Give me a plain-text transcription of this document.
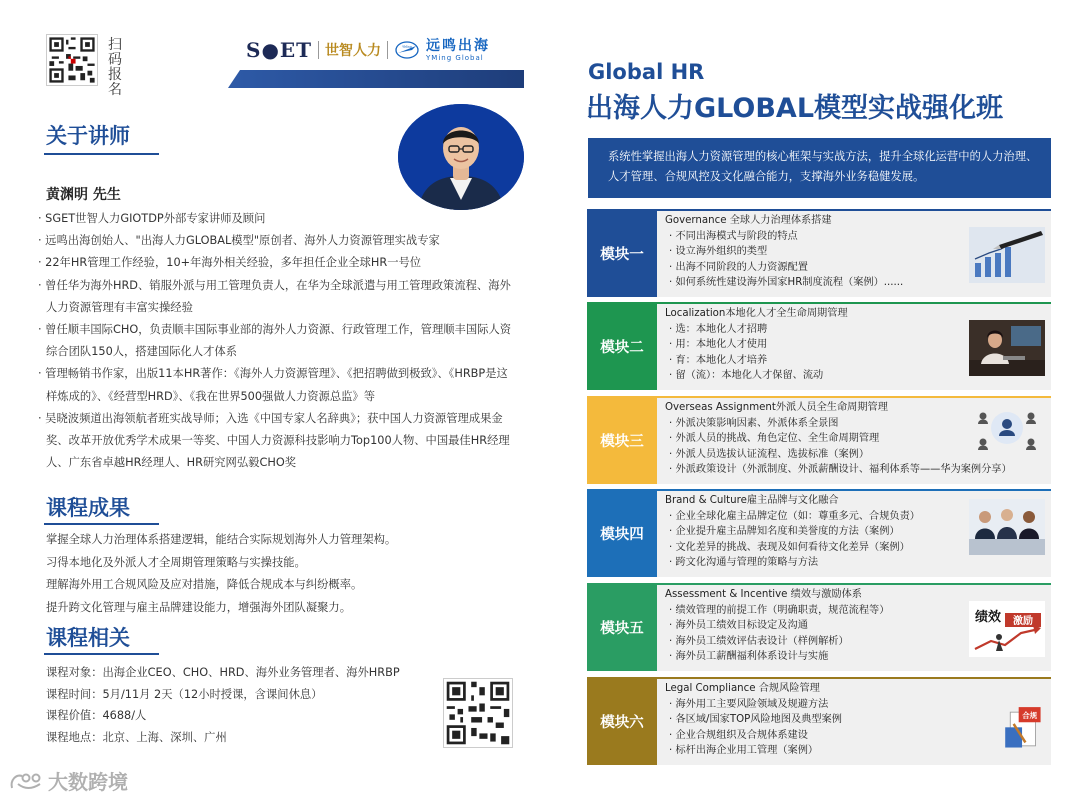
扫码报名
S●ET 世智人力	YMing 远鸣出海
YMing Global
关于讲师
黄渊明 先生
· SGET世智人力GIOTDP外部专家讲师及顾问
· 远鸣出海创始人、"出海人力GLOBAL模型"原创者、海外人力资源管理实战专家
· 22年HR管理工作经验，10+年海外相关经验，多年担任企业全球HR一号位
· 曾任华为海外HRD、销服外派与用工管理负责人，在华为全球派遣与用工管理政策流程、海外人力资源管理有丰富实操经验
· 曾任顺丰国际CHO，负责顺丰国际事业部的海外人力资源、行政管理工作，管理顺丰国际人资综合团队150人，搭建国际化人才体系
· 管理畅销书作家，出版11本HR著作：《海外人力资源管理》、《把招聘做到极致》、《HRBP是这样炼成的》、《经营型HRD》、《我在世界500强做人力资源总监》等
· 吴晓波频道出海领航者班实战导师；入选《中国专家人名辞典》；获中国人力资源管理成果金奖、改革开放优秀学术成果一等奖、中国人力资源科技影响力Top100人物、中国最佳HR经理人、广东省卓越HR经理人、HR研究网弘毅CHO奖
课程成果
掌握全球人力治理体系搭建逻辑，能结合实际规划海外人力管理架构。
习得本地化及外派人才全周期管理策略与实操技能。
理解海外用工合规风险及应对措施，降低合规成本与纠纷概率。
提升跨文化管理与雇主品牌建设能力，增强海外团队凝聚力。
课程相关
课程对象：出海企业CEO、CHO、HRD、海外业务管理者、海外HRBP
课程时间：5月/11月 2天（12小时授课，含课间休息）
课程价值：4688/人
课程地点：北京、上海、深圳、广州
大数跨境
Global HR
出海人力GLOBAL模型实战强化班
系统性掌握出海人力资源管理的核心框架与实战方法，提升全球化运营中的人力治理、人才管理、合规风控及文化融合能力，支撑海外业务稳健发展。
模块一
Governance 全球人力治理体系搭建
· 不同出海模式与阶段的特点
· 设立海外组织的类型
· 出海不同阶段的人力资源配置
· 如何系统性建设海外国家HR制度流程（案例）......
模块二
Localization本地化人才全生命周期管理
· 选：本地化人才招聘
· 用：本地化人才使用
· 育：本地化人才培养
· 留（流）：本地化人才保留、流动
模块三
Overseas Assignment外派人员全生命周期管理
· 外派决策影响因素、外派体系全景图
· 外派人员的挑战、角色定位、全生命周期管理
· 外派人员选拔认证流程、选拔标准（案例）
· 外派政策设计（外派制度、外派薪酬设计、福利体系等——华为案例分享）
模块四
Brand & Culture雇主品牌与文化融合
· 企业全球化雇主品牌定位（如：尊重多元、合规负责）
· 企业提升雇主品牌知名度和美誉度的方法（案例）
· 文化差异的挑战、表现及如何看待文化差异（案例）
· 跨文化沟通与管理的策略与方法
模块五
Assessment & Incentive 绩效与激励体系
· 绩效管理的前提工作（明确职责，规范流程等）
· 海外员工绩效目标设定及沟通
· 海外员工绩效评估表设计（样例解析）
· 海外员工薪酬福利体系设计与实施
绩效 激励
模块六
Legal Compliance 合规风险管理
· 海外用工主要风险领域及规避方法
· 各区域/国家TOP风险地图及典型案例
· 企业合规组织及合规体系建设
· 标杆出海企业用工管理（案例）
合规
